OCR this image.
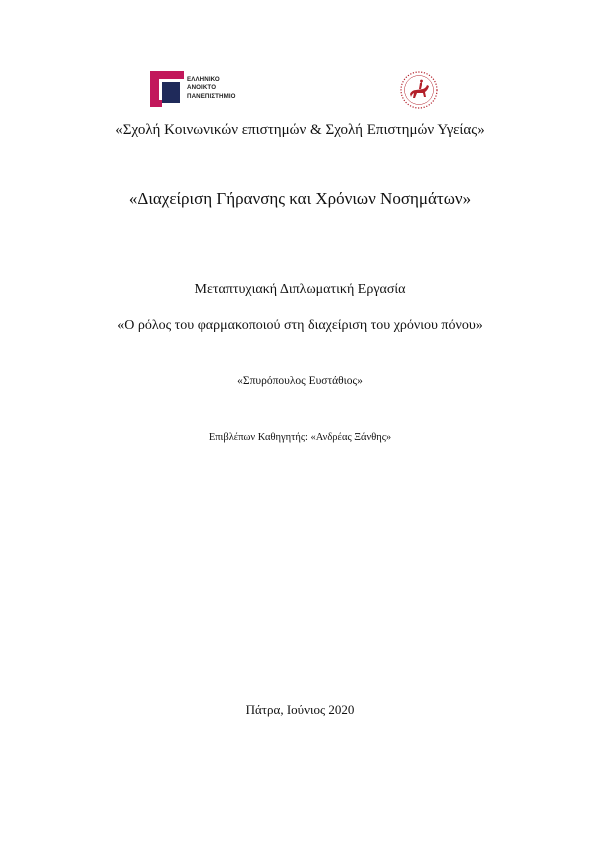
ΕΛΛΗΝΙΚΟ
ΑΝΟΙΚΤΟ
ΠΑΝΕΠΙΣΤΗΜΙΟ
«Σχολή Κοινωνικών επιστημών & Σχολή Επιστημών Υγείας»
«Διαχείριση Γήρανσης και Χρόνιων Νοσημάτων»
Μεταπτυχιακή Διπλωματική Εργασία
«Ο ρόλος του φαρμακοποιού στη διαχείριση του χρόνιου πόνου»
«Σπυρόπουλος Ευστάθιος»
Επιβλέπων Καθηγητής: «Ανδρέας Ξάνθης»
Πάτρα, Ιούνιος 2020
